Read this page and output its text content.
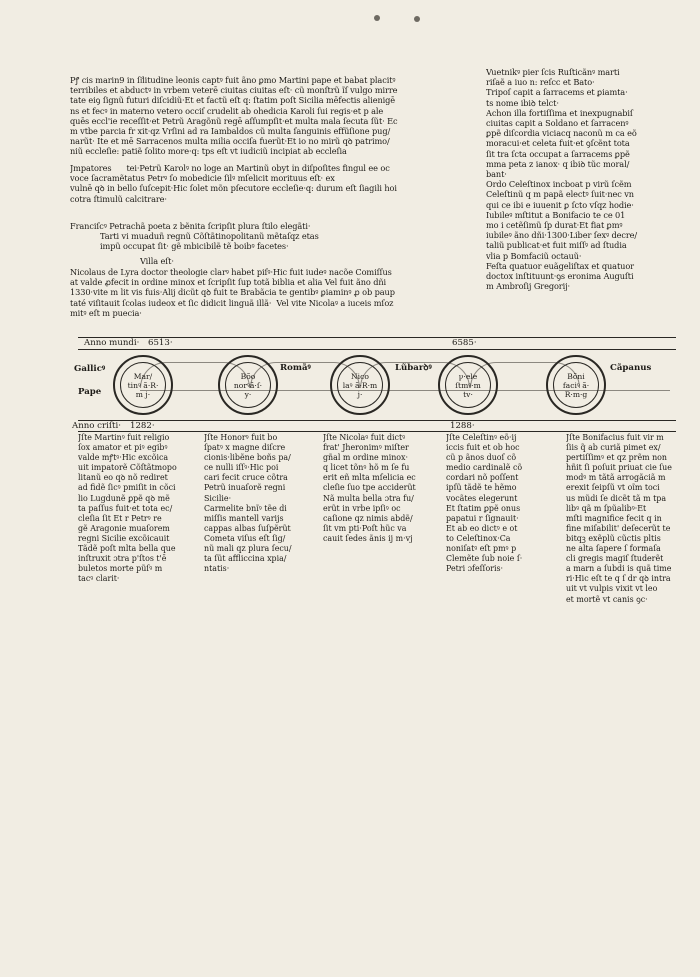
Pꝭ cis marin9 in ſi͂litudine leonis captꝰ fuit ãno ꝑmo Martini pape et babat placitꝰ
terribiles et abductꝰ in vrbem veterē ciuitas ciuitas eſt· cũ monſtrũ ĩſ vulgo mirre
tate eiꝯ ſignũ futuri diſcidiũ·Et et factũ eſt q: ſtatim poſt Sicilia mēfectis alienigē
ns et fecꝰ in materno vetero occiſ crudelit ab ohedicia Karoli ſui regis·et p ale
quēs eccl'ie receſſit·et Petrũ Aragõnũ regē aſſumpſit·et multa mala ſecuta ſũt· Ec
m vtbe parcia fr xit·qz Vrſini ad ra Iambaldos cũ multa ſanguinis effũſione pug/
narũt· Ite et mē Sarracenos multa milia occiſa fuerũt·Et io no mirũ qꝺ patrimo/
niũ eccleſie: patiẽ ſolito more·q: tps eſt vt iudiciũ incipiat ab eccleſia
Jmpatores      tei·Petrũ Karolꝰ no loge an Martinũ obyt i̇n diſpoſites fingul ee oc
voce ſacramẽtatus Petrꝰ ſo mobedicie ſilꝰ mſelicit morituus eſt· ex
vulnē qꝺ in bello ſuſcepit·Hic ſolet mõn pſecutore eccleſie·q: durum eſt ſiagili hoi
cotra ſtimulũ calcitrare·
Franciſcꝰ Petrachã poeta z bẽnita ſcripſit plura ſtilo elegãti·
Tarti vi muaduñ regnũ Cõſtãtinopolitanũ mẽtaſqz etas
impũ occupat ſit· gẽ mbicibilẽ tẽ boibꝰ facetes·
Villa eſt·
Nicolaus de Lyra doctor theologie clarꝰ habet piſꝰ·Hic fuit iudeꝰ nacõe Comiſſus
at valde ꝓfecit in ordine minox et ſcripſit ſup totã biblia et alia Vel fuit ãno dñi
1330·vite m lit vis fuis·Alij dicũt qꝺ fuit te Brabãcia te gentibꝰ ꝑiaminꝰ ꝓ ob paup
taté viſitauit ſcolas iudeox et ſic didicit linguã illã·  Vel vite Nicolaꝰ a iuceis mſoz
mitꝰ eſt m puecia·
Vuetnikꝰ pier ſcis Ruſticãnꝰ marti
riſaẽ a iuo n: reſcc et Bato·
Tripoſ capit a ſarracems et ꝑiamta·
ts nome ibiꝺ telct·
Achon illa fortiſſima et inexpugnabiſ
ciuitas capit a Soldano et ſarracenꝰ
ꝑpẽ diſcordia viciacq naconũ m ca eõ
moracui·et celeta fuit·et ꝯſcẽnt tota
ſit tra ſcta occupat a ſarracems ꝑpẽ
mma peta z ianox· q ibiꝺ tũc moral/
bant·
Ordo Celeſtinox incboat p virũ ſcẽm
Celeſtinũ q m papã electꝰ ſuit·nec vn
qui ce ibi e iuuenit ꝑ ſcto vſqz hodie·
Iubileꝰ mſtitut a Bonifacio te ce 01
mo i cetẽſimũ ſp durat·Et fiat ꝑmꝰ
iubileꝰ ãno dñi·1300·Liber ſexꝰ decre/
taliũ publicat·et fuit miſſꝰ ad ſtudia
vlia p Bomfaciũ octauũ·
Feſta quatuor euãgeliſtax et quatuor
doctox inſtituunt·ꝯs eronima Auguſti
m Ambroſij Gregorij·
Anno mundi· 6513·	6585·
Gallicꝰ
Pape
Romãꝰ	Lũbarꝺꝰ	Cãpanus
Mar/
tinꝰ ã·R·
m j·
Bõo
norꝰã·ſ·
y·
Nico
laꝰ ã·R·m
j·
ꝩ·ele
ſtmꝰ·m
tv·
Bõni
faciꝰ ã·
R·m·g
Anno criſti· 1282·	1288·
Jſte Martinꝰ fuit religio
ſox amator et piꝰ egibꝰ
valde mꝭtꝰ·Hic excõica
uit impatorẽ Cõſtãtmopo
litanũ eo qꝺ nõ rediret
ad fidẽ ſicꝰ pmiſit in cõci
lio Lugdunẽ ꝑpẽ qꝺ mẽ
ta paſſus fuit·et tota ec/
cleſia ſit Et r Petrꝰ re
gẽ Aragonie muaſorem
regni Sicilie excõicauit
Tãdẽ poſt mlta bella que
inſtruxit ɔtra p'ſtos t'ē
buletos morte pũſꝰ m
tacꝰ clarit·
Jſte Honorꝰ fuit bo
ſpatꝰ x magne diſcre
cionis·libẽne boñs pa/
ce nulli iſſꝰ·Hic poi
cari fecit cruce cõtra
Petrũ inuaſorẽ regni
Sicilie·
Carmelite bnĩꝰ tẽe di
miſſis mantell varijs
cappas albas ſuſpẽrũt
Cometa viſus eſt ſig/
nũ mali qz plura ſecu/
ta ſũt affliccina xpia/
ntatis·
Jſte Nicolaꝰ fuit dictꝰ
frat' Jheronimꝰ miſter
gñal m ordine minox·
q licet tõnꝰ hõ m ſe fu
erit eñ mlta mſelicia ec
cleſie ſuo tpe acciderũt
Nã multa bella ɔtra fu/
erũt in vrbe ipſiꝰ oc
caſione qz nimis abdẽ/
ſit vm pti·Poſt hũc va
cauit ſedes ãnis ij m·vj
Jſte Celeſtinꝰ eõ·ij
iccis fuit et ob hoc
cũ p ãnos duoſ cõ
medio cardinalẽ cõ
cordari nõ poſſent
ipſũ tãdẽ te hẽmo
vocãtes elegerunt
Et ſtatim ꝑpẽ onus
papatui r ſignauit·
Et ab eo dictꝰ e ot
to Celeſtinox·Ca
noniſatꝰ eſt pmꝰ p
Clemẽte ſub noie ſ·
Petri ɔfeſſoris·
Jſte Bonifacius fuit vir m
ſiis q̃ ab curiã pimet ex/
pertiſſimꝰ et qz prẽm non
hñit ſi poſuit priuat cie ſue
modꝰ m tãtã arrogãciã m
erexit ſeipſũ vt oĩm toci
us mũdi ſe dicẽt tã m tpa
libꝰ qã m ſpũalibꝰ·Et
mſti magnifice fecit q in
fine miſabilit' deſecerũt te
bitqꝫ exẽplũ cũctis pltis
ne alta ſapere ſ formaſa
cli gregis magiſ ſtuderẽt
a marn a ſubdi is quã time
ri·Hic eſt te q ſ dr qꝺ intra
uit vt vulpis vixit vt leo
et mortẽ vt canis ꝯc·
